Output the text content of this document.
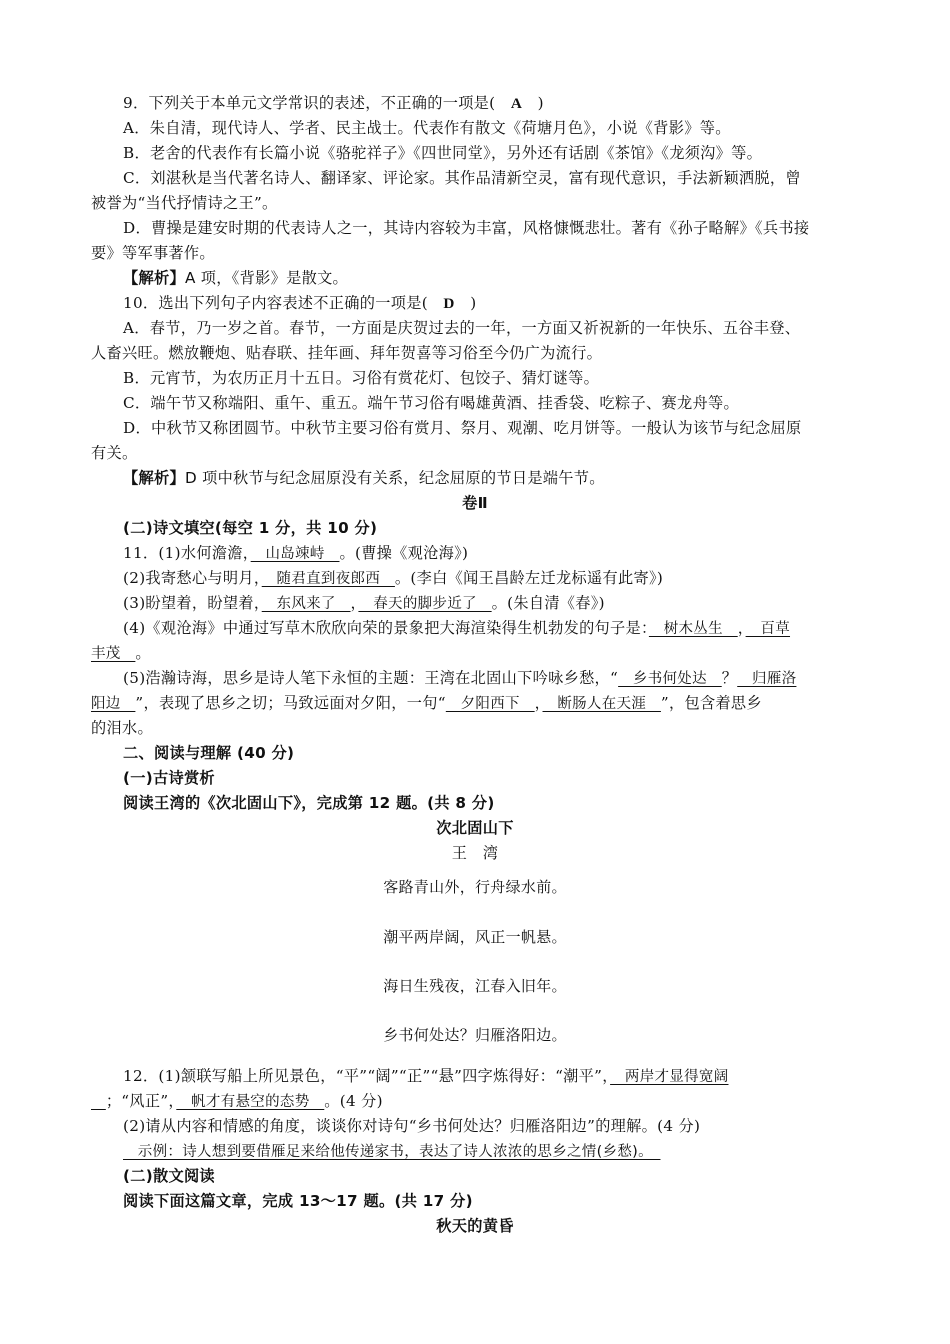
9．下列关于本单元文学常识的表述，不正确的一项是(　A　)
A．朱自清，现代诗人、学者、民主战士。代表作有散文《荷塘月色》，小说《背影》等。
B．老舍的代表作有长篇小说《骆驼祥子》《四世同堂》，另外还有话剧《茶馆》《龙须沟》等。
C．刘湛秋是当代著名诗人、翻译家、评论家。其作品清新空灵，富有现代意识，手法新颖洒脱，曾
被誉为“当代抒情诗之王”。
D．曹操是建安时期的代表诗人之一，其诗内容较为丰富，风格慷慨悲壮。著有《孙子略解》《兵书接
要》等军事著作。
【解析】A 项，《背影》是散文。
10．选出下列句子内容表述不正确的一项是(　D　)
A．春节，乃一岁之首。春节，一方面是庆贺过去的一年，一方面又祈祝新的一年快乐、五谷丰登、
人畜兴旺。燃放鞭炮、贴春联、挂年画、拜年贺喜等习俗至今仍广为流行。
B．元宵节，为农历正月十五日。习俗有赏花灯、包饺子、猜灯谜等。
C．端午节又称端阳、重午、重五。端午节习俗有喝雄黄酒、挂香袋、吃粽子、赛龙舟等。
D．中秋节又称团圆节。中秋节主要习俗有赏月、祭月、观潮、吃月饼等。一般认为该节与纪念屈原
有关。
【解析】D 项中秋节与纪念屈原没有关系，纪念屈原的节日是端午节。
卷Ⅱ
(二)诗文填空(每空 1 分，共 10 分)
11．(1)水何澹澹，　山岛竦峙　。(曹操《观沧海》)
(2)我寄愁心与明月，　随君直到夜郎西　。(李白《闻王昌龄左迁龙标遥有此寄》)
(3)盼望着，盼望着，　东风来了　，　春天的脚步近了　。(朱自清《春》)
(4)《观沧海》中通过写草木欣欣向荣的景象把大海渲染得生机勃发的句子是：　树木丛生　，　百草
丰茂　。
(5)浩瀚诗海，思乡是诗人笔下永恒的主题：王湾在北固山下吟咏乡愁，“　乡书何处达　？　归雁洛
阳边　”，表现了思乡之切；马致远面对夕阳，一句“　夕阳西下　，　断肠人在天涯　”，包含着思乡
的泪水。
二、阅读与理解 (40 分)
(一)古诗赏析
阅读王湾的《次北固山下》，完成第 12 题。(共 8 分)
次北固山下
王　湾
客路青山外，行舟绿水前。
潮平两岸阔，风正一帆悬。
海日生残夜，江春入旧年。
乡书何处达？归雁洛阳边。
12．(1)颔联写船上所见景色，“平”“阔”“正”“悬”四字炼得好：“潮平”，　两岸才显得宽阔
　；“风正”，　帆才有悬空的态势　。(4 分)
(2)请从内容和情感的角度，谈谈你对诗句“乡书何处达？归雁洛阳边”的理解。(4 分)
　示例：诗人想到要借雁足来给他传递家书，表达了诗人浓浓的思乡之情(乡愁)。　
(二)散文阅读
阅读下面这篇文章，完成 13～17 题。(共 17 分)
秋天的黄昏
